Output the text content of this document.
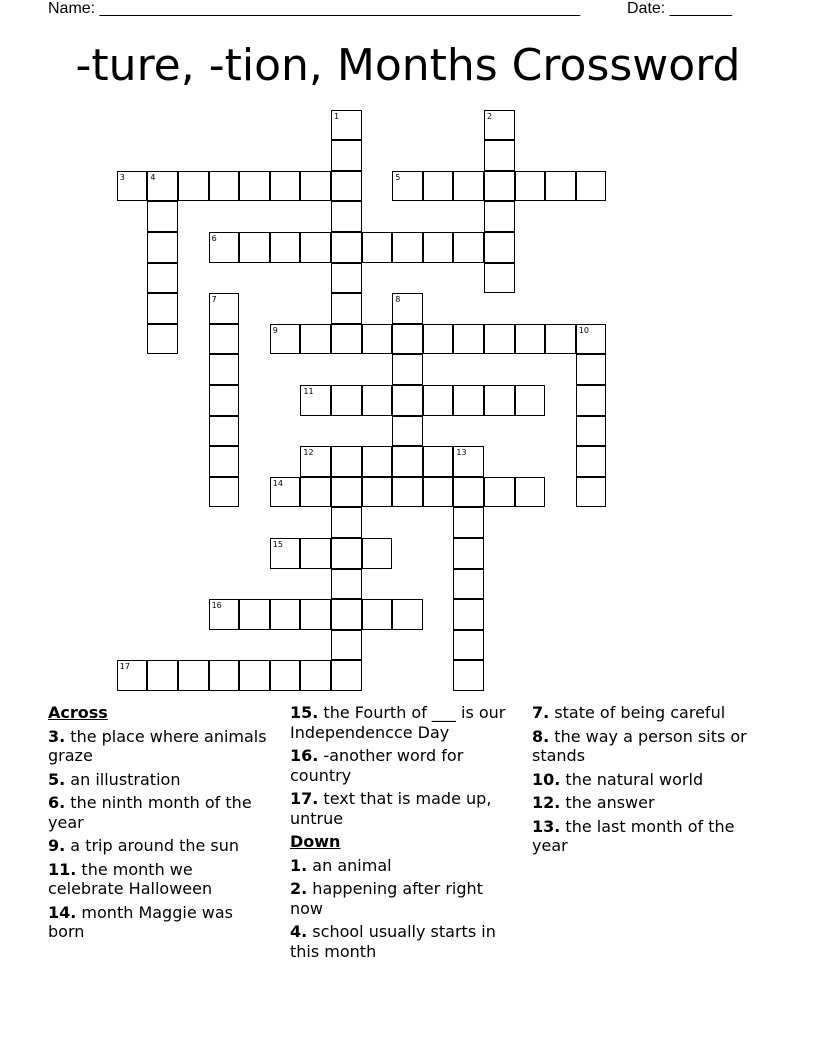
Name: ______________________________________________________	Date: _______
-ture, -tion, Months Crossword
1	2
3	4	5
6
7	8
9	10
11
12	13
14
15
16
17
Across
3. the place where animals graze
5. an illustration
6. the ninth month of the year
9. a trip around the sun
11. the month we celebrate Halloween
14. month Maggie was born
15. the Fourth of ___ is our Independencce Day
16. -another word for country
17. text that is made up, untrue
Down
1. an animal
2. happening after right now
4. school usually starts in this month
7. state of being careful
8. the way a person sits or stands
10. the natural world
12. the answer
13. the last month of the year
